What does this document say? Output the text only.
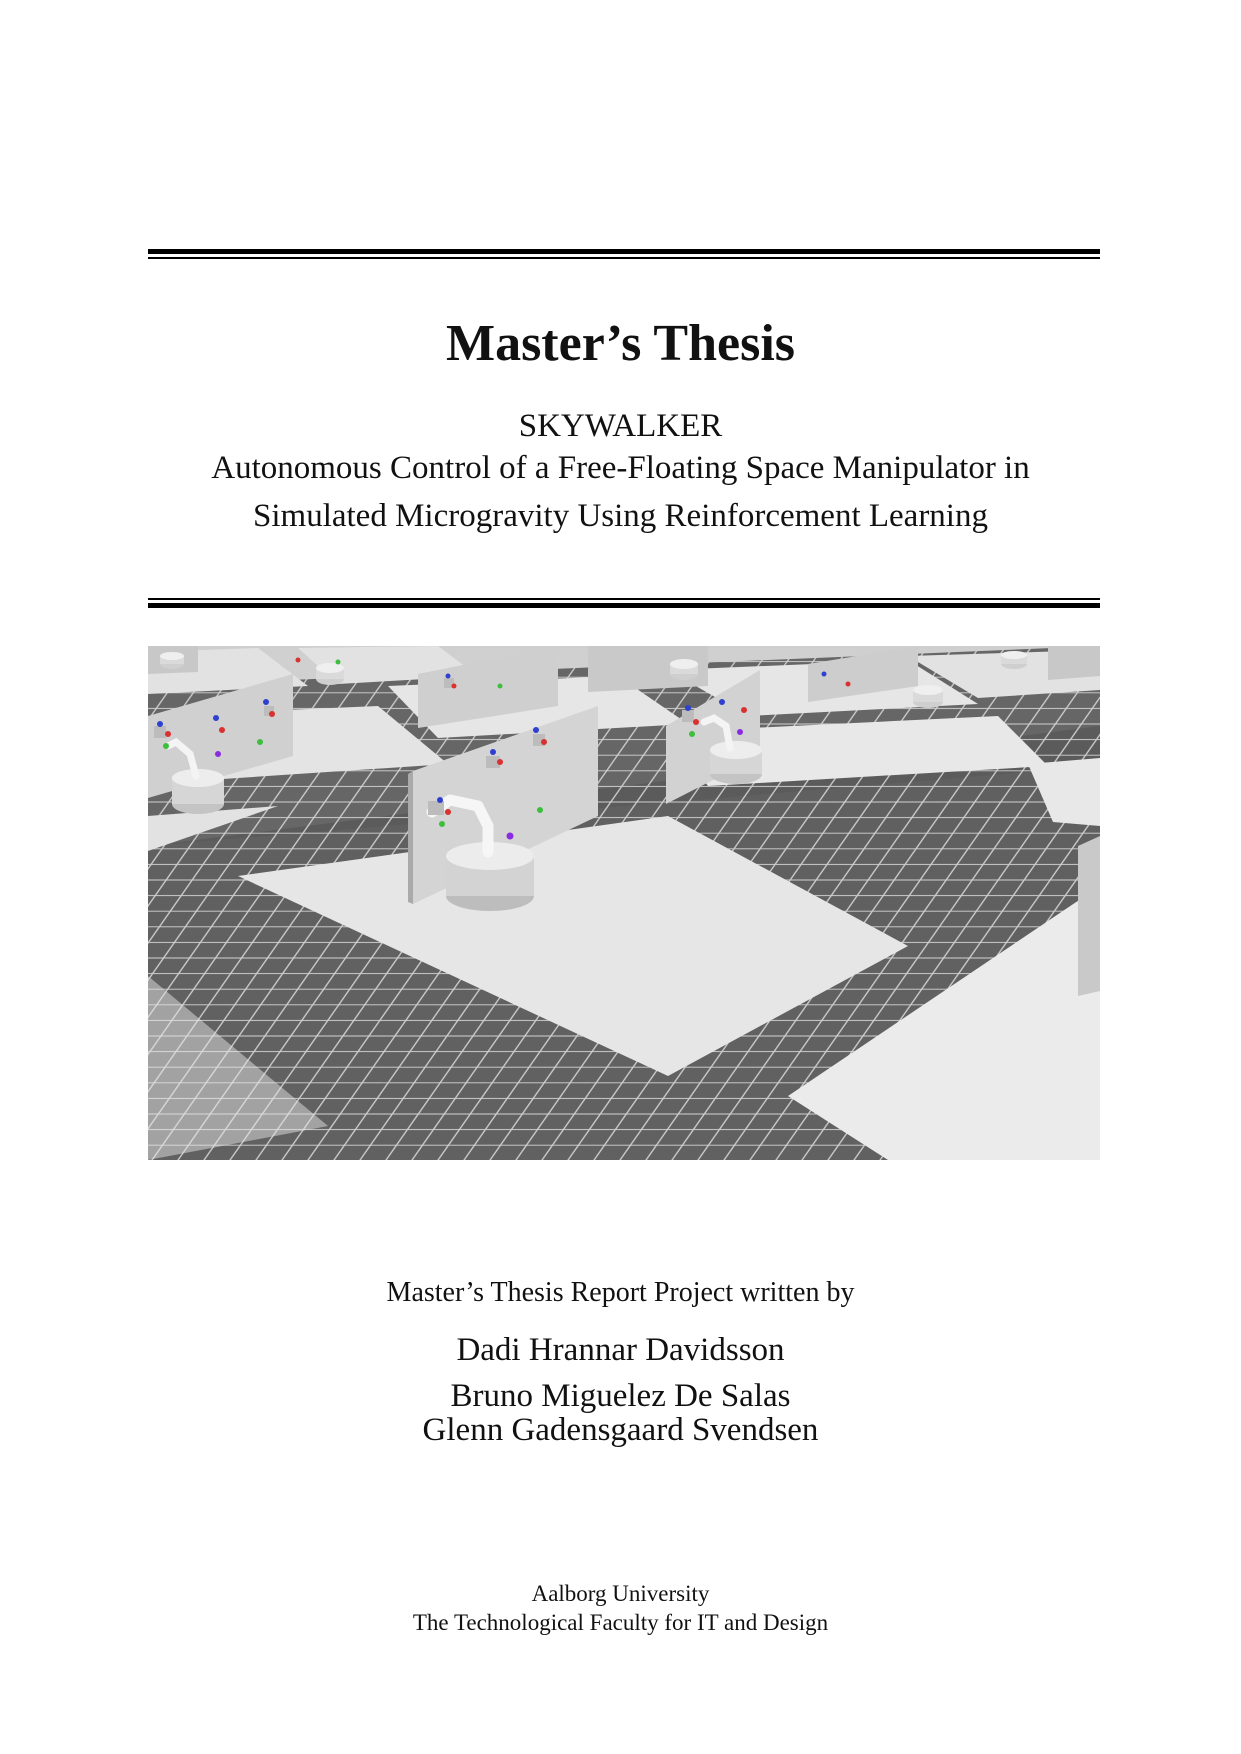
Master’s Thesis
SKYWALKER
Autonomous Control of a Free-Floating Space Manipulator in
Simulated Microgravity Using Reinforcement Learning
Master’s Thesis Report Project written by
Dadi Hrannar Davidsson
Bruno Miguelez De Salas
Glenn Gadensgaard Svendsen
Aalborg University
The Technological Faculty for IT and Design
